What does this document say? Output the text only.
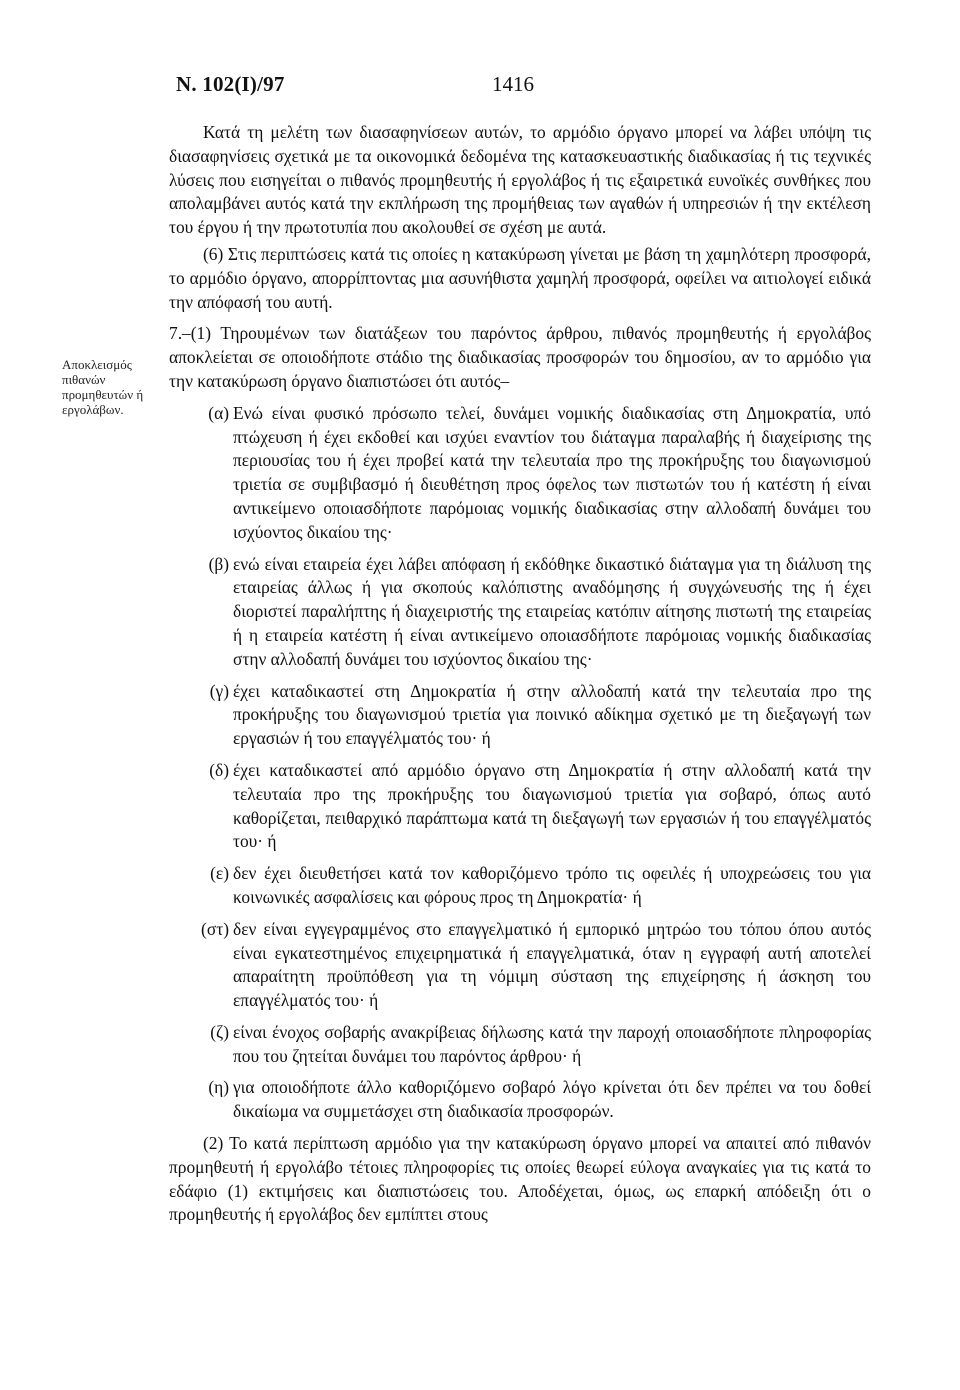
N. 102(I)/97	1416
Αποκλεισμός πιθανών προμηθευτών ή εργολάβων.

Κατά τη μελέτη των διασαφηνίσεων αυτών, το αρμόδιο όργανο μπορεί να λάβει υπόψη τις διασαφηνίσεις σχετικά με τα οικονομικά δεδομένα της κατασκευαστικής διαδικασίας ή τις τεχνικές λύσεις που εισηγείται ο πιθανός προμηθευτής ή εργολάβος ή τις εξαιρετικά ευνοϊκές συνθήκες που απολαμβάνει αυτός κατά την εκπλήρωση της προμήθειας των αγαθών ή υπηρεσιών ή την εκτέλεση του έργου ή την πρωτοτυπία που ακολουθεί σε σχέση με αυτά.

(6) Στις περιπτώσεις κατά τις οποίες η κατακύρωση γίνεται με βάση τη χαμηλότερη προσφορά, το αρμόδιο όργανο, απορρίπτοντας μια ασυνήθιστα χαμηλή προσφορά, οφείλει να αιτιολογεί ειδικά την απόφασή του αυτή.

7.–(1) Τηρουμένων των διατάξεων του παρόντος άρθρου, πιθανός προμηθευτής ή εργολάβος αποκλείεται σε οποιοδήποτε στάδιο της διαδικασίας προσφορών του δημοσίου, αν το αρμόδιο για την κατακύρωση όργανο διαπιστώσει ότι αυτός–

(α) Ενώ είναι φυσικό πρόσωπο τελεί, δυνάμει νομικής διαδικασίας στη Δημοκρατία, υπό πτώχευση ή έχει εκδοθεί και ισχύει εναντίον του διάταγμα παραλαβής ή διαχείρισης της περιουσίας του ή έχει προβεί κατά την τελευταία προ της προκήρυξης του διαγωνισμού τριετία σε συμβιβασμό ή διευθέτηση προς όφελος των πιστωτών του ή κατέστη ή είναι αντικείμενο οποιασδήποτε παρόμοιας νομικής διαδικασίας στην αλλοδαπή δυνάμει του ισχύοντος δικαίου της·
(β) ενώ είναι εταιρεία έχει λάβει απόφαση ή εκδόθηκε δικαστικό διάταγμα για τη διάλυση της εταιρείας άλλως ή για σκοπούς καλόπιστης αναδόμησης ή συγχώνευσής της ή έχει διοριστεί παραλήπτης ή διαχειριστής της εταιρείας κατόπιν αίτησης πιστωτή της εταιρείας ή η εταιρεία κατέστη ή είναι αντικείμενο οποιασδήποτε παρόμοιας νομικής διαδικασίας στην αλλοδαπή δυνάμει του ισχύοντος δικαίου της·
(γ) έχει καταδικαστεί στη Δημοκρατία ή στην αλλοδαπή κατά την τελευταία προ της προκήρυξης του διαγωνισμού τριετία για ποινικό αδίκημα σχετικό με τη διεξαγωγή των εργασιών ή του επαγγέλματός του· ή
(δ) έχει καταδικαστεί από αρμόδιο όργανο στη Δημοκρατία ή στην αλλοδαπή κατά την τελευταία προ της προκήρυξης του διαγωνισμού τριετία για σοβαρό, όπως αυτό καθορίζεται, πειθαρχικό παράπτωμα κατά τη διεξαγωγή των εργασιών ή του επαγγέλματός του· ή
(ε) δεν έχει διευθετήσει κατά τον καθοριζόμενο τρόπο τις οφειλές ή υποχρεώσεις του για κοινωνικές ασφαλίσεις και φόρους προς τη Δημοκρατία· ή
(στ) δεν είναι εγγεγραμμένος στο επαγγελματικό ή εμπορικό μητρώο του τόπου όπου αυτός είναι εγκατεστημένος επιχειρηματικά ή επαγγελματικά, όταν η εγγραφή αυτή αποτελεί απαραίτητη προϋπόθεση για τη νόμιμη σύσταση της επιχείρησης ή άσκηση του επαγγέλματός του· ή
(ζ) είναι ένοχος σοβαρής ανακρίβειας δήλωσης κατά την παροχή οποιασδήποτε πληροφορίας που του ζητείται δυνάμει του παρόντος άρθρου· ή
(η) για οποιοδήποτε άλλο καθοριζόμενο σοβαρό λόγο κρίνεται ότι δεν πρέπει να του δοθεί δικαίωμα να συμμετάσχει στη διαδικασία προσφορών.

(2) Το κατά περίπτωση αρμόδιο για την κατακύρωση όργανο μπορεί να απαιτεί από πιθανόν προμηθευτή ή εργολάβο τέτοιες πληροφορίες τις οποίες θεωρεί εύλογα αναγκαίες για τις κατά το εδάφιο (1) εκτιμήσεις και διαπιστώσεις του. Αποδέχεται, όμως, ως επαρκή απόδειξη ότι ο προμηθευτής ή εργολάβος δεν εμπίπτει στους
